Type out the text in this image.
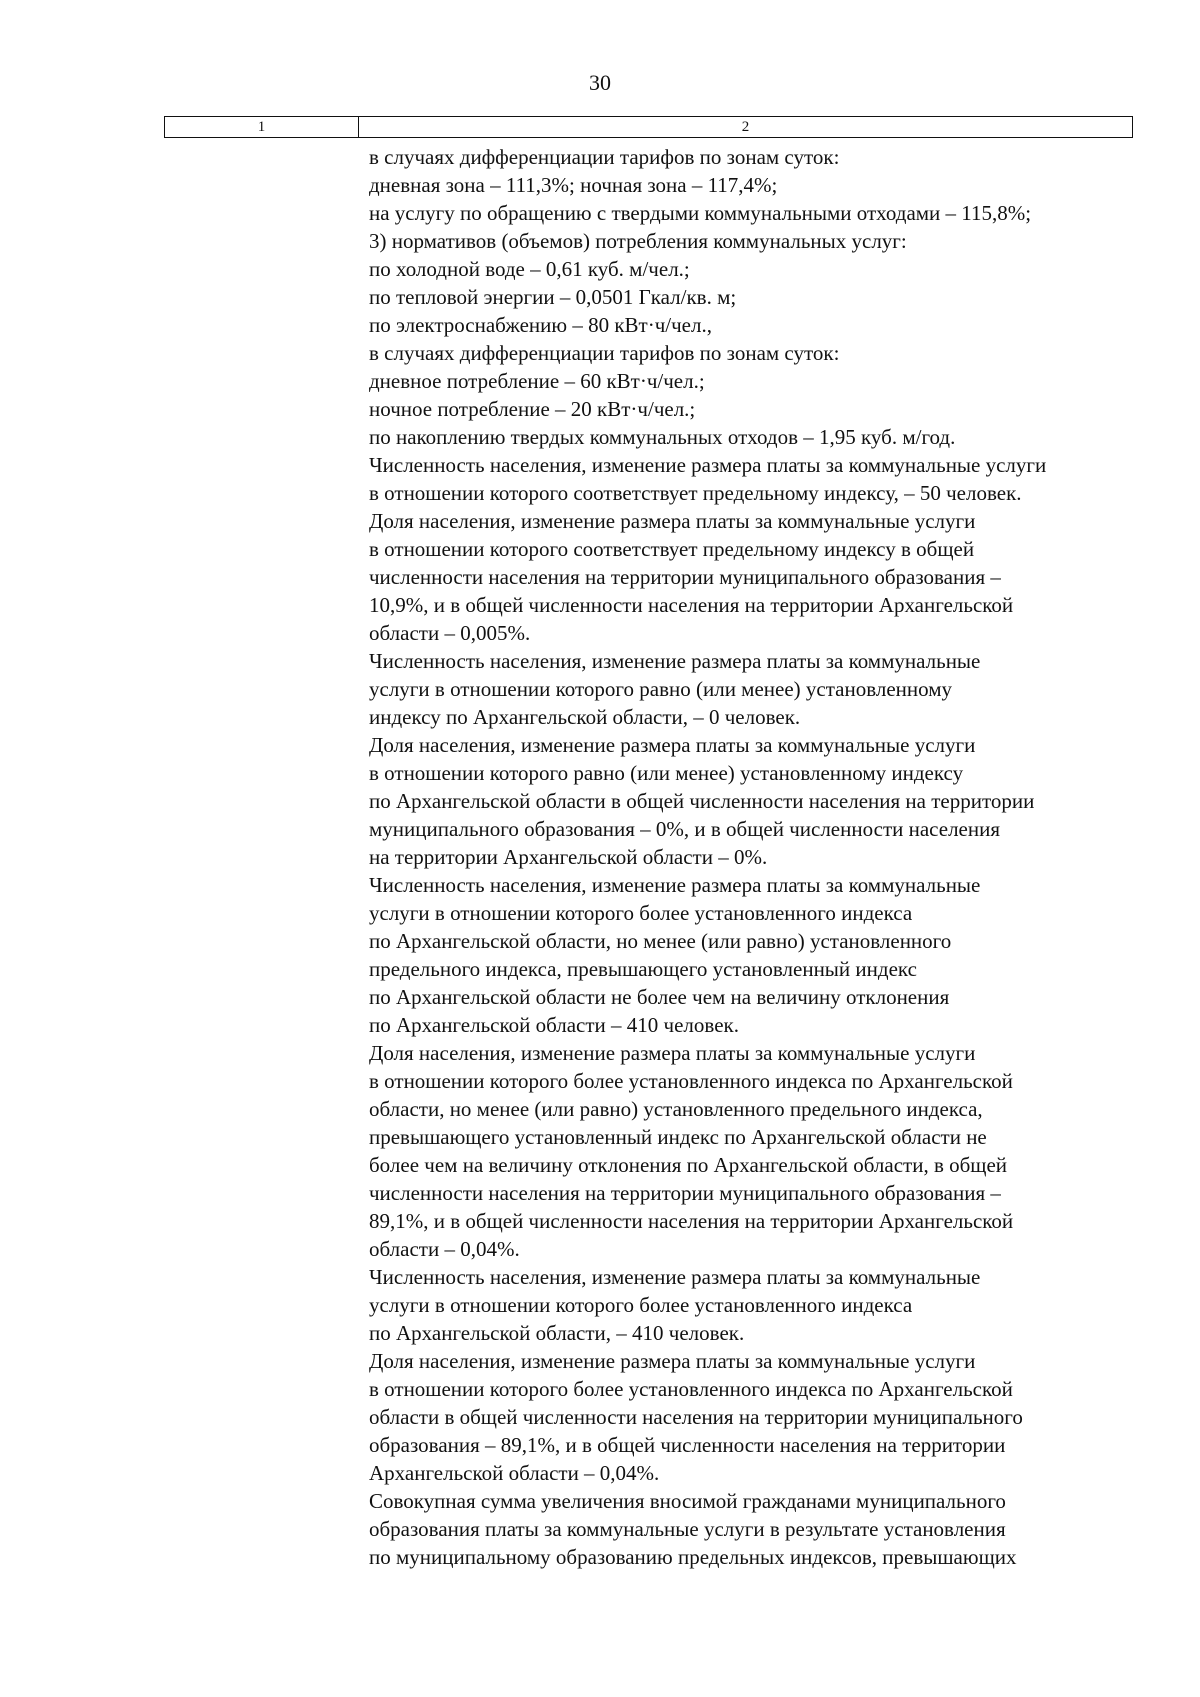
30
1	2
в случаях дифференциации тарифов по зонам суток:
дневная зона – 111,3%; ночная зона – 117,4%;
на услугу по обращению с твердыми коммунальными отходами – 115,8%;
3) нормативов (объемов) потребления коммунальных услуг:
по холодной воде – 0,61 куб. м/чел.;
по тепловой энергии – 0,0501 Гкал/кв. м;
по электроснабжению – 80 кВт·ч/чел.,
в случаях дифференциации тарифов по зонам суток:
дневное потребление – 60 кВт·ч/чел.;
ночное потребление – 20 кВт·ч/чел.;
по накоплению твердых коммунальных отходов – 1,95 куб. м/год.
Численность населения, изменение размера платы за коммунальные услуги
в отношении которого соответствует предельному индексу, – 50 человек.
Доля населения, изменение размера платы за коммунальные услуги
в отношении которого соответствует предельному индексу в общей
численности населения на территории муниципального образования –
10,9%, и в общей численности населения на территории Архангельской
области – 0,005%.
Численность населения, изменение размера платы за коммунальные
услуги в отношении которого равно (или менее) установленному
индексу по Архангельской области, – 0 человек.
Доля населения, изменение размера платы за коммунальные услуги
в отношении которого равно (или менее) установленному индексу
по Архангельской области в общей численности населения на территории
муниципального образования – 0%, и в общей численности населения
на территории Архангельской области – 0%.
Численность населения, изменение размера платы за коммунальные
услуги в отношении которого более установленного индекса
по Архангельской области, но менее (или равно) установленного
предельного индекса, превышающего установленный индекс
по Архангельской области не более чем на величину отклонения
по Архангельской области – 410 человек.
Доля населения, изменение размера платы за коммунальные услуги
в отношении которого более установленного индекса по Архангельской
области, но менее (или равно) установленного предельного индекса,
превышающего установленный индекс по Архангельской области не
более чем на величину отклонения по Архангельской области, в общей
численности населения на территории муниципального образования –
89,1%, и в общей численности населения на территории Архангельской
области – 0,04%.
Численность населения, изменение размера платы за коммунальные
услуги в отношении которого более установленного индекса
по Архангельской области, – 410 человек.
Доля населения, изменение размера платы за коммунальные услуги
в отношении которого более установленного индекса по Архангельской
области в общей численности населения на территории муниципального
образования – 89,1%, и в общей численности населения на территории
Архангельской области – 0,04%.
Совокупная сумма увеличения вносимой гражданами муниципального
образования платы за коммунальные услуги в результате установления
по муниципальному образованию предельных индексов, превышающих
